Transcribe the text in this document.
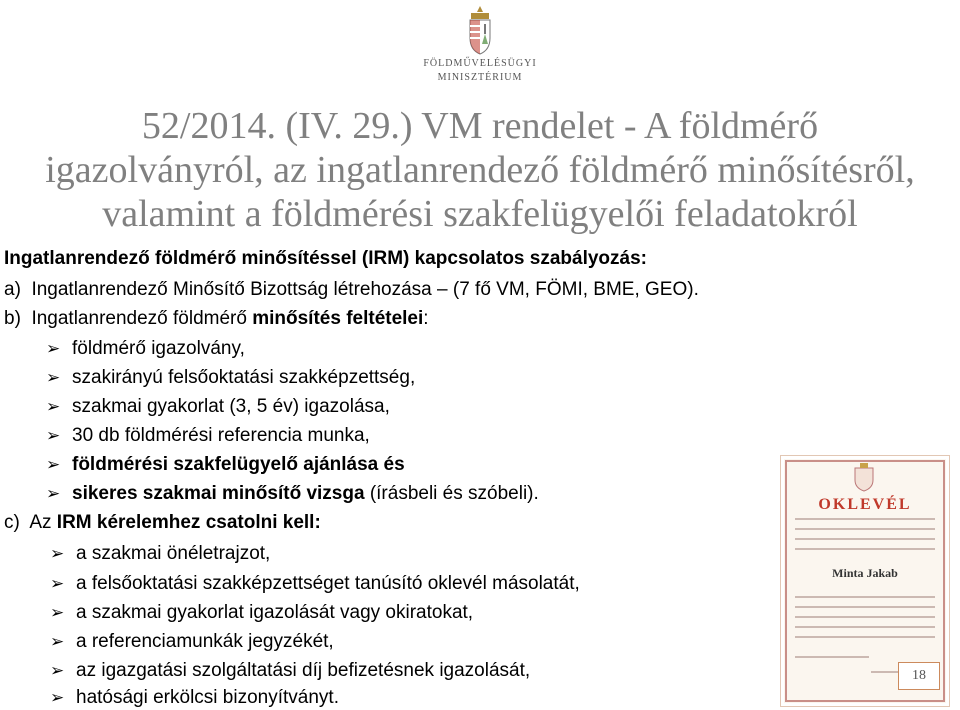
FÖLDMŰVELÉSÜGYI
MINISZTÉRIUM
52/2014. (IV. 29.) VM rendelet - A földmérő
igazolványról, az ingatlanrendező földmérő minősítésről,
valamint a földmérési szakfelügyelői feladatokról
Ingatlanrendező földmérő minősítéssel (IRM) kapcsolatos szabályozás:
a)  Ingatlanrendező Minősítő Bizottság létrehozása – (7 fő VM, FÖMI, BME, GEO).
b)  Ingatlanrendező földmérő minősítés feltételei:
➢ földmérő igazolvány,
➢ szakirányú felsőoktatási szakképzettség,
➢ szakmai gyakorlat (3, 5 év) igazolása,
➢ 30 db földmérési referencia munka,
➢ földmérési szakfelügyelő ajánlása és
➢ sikeres szakmai minősítő vizsga (írásbeli és szóbeli).
c)  Az IRM kérelemhez csatolni kell:
➢ a szakmai önéletrajzot,
➢ a felsőoktatási szakképzettséget tanúsító oklevél másolatát,
➢ a szakmai gyakorlat igazolását vagy okiratokat,
➢ a referenciamunkák jegyzékét,
➢ az igazgatási szolgáltatási díj befizetésnek igazolását,
➢ hatósági erkölcsi bizonyítványt.
OKLEVÉL
Minta Jakab
18
